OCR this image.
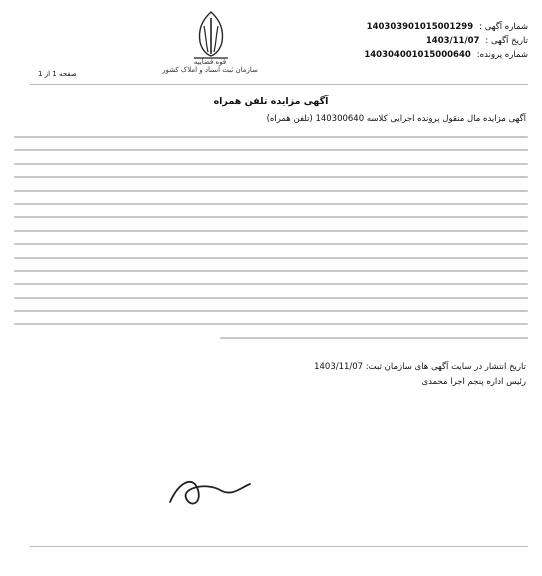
قوه قضاییه
سازمان ثبت اسناد و املاک کشور
شماره آگهی :
140303901015001299
تاریخ آگهی :
1403/11/07
شماره پرونده:
140304001015000640
صفحه 1 از 1
آگهی مزایده تلفن همراه
آگهی مزایده مال منقول پرونده اجرایی کلاسه 140300640 (تلفن همراه)
تاریخ انتشار در سایت آگهی های سازمان ثبت: 1403/11/07
رئیس اداره پنجم اجرا محمدی
